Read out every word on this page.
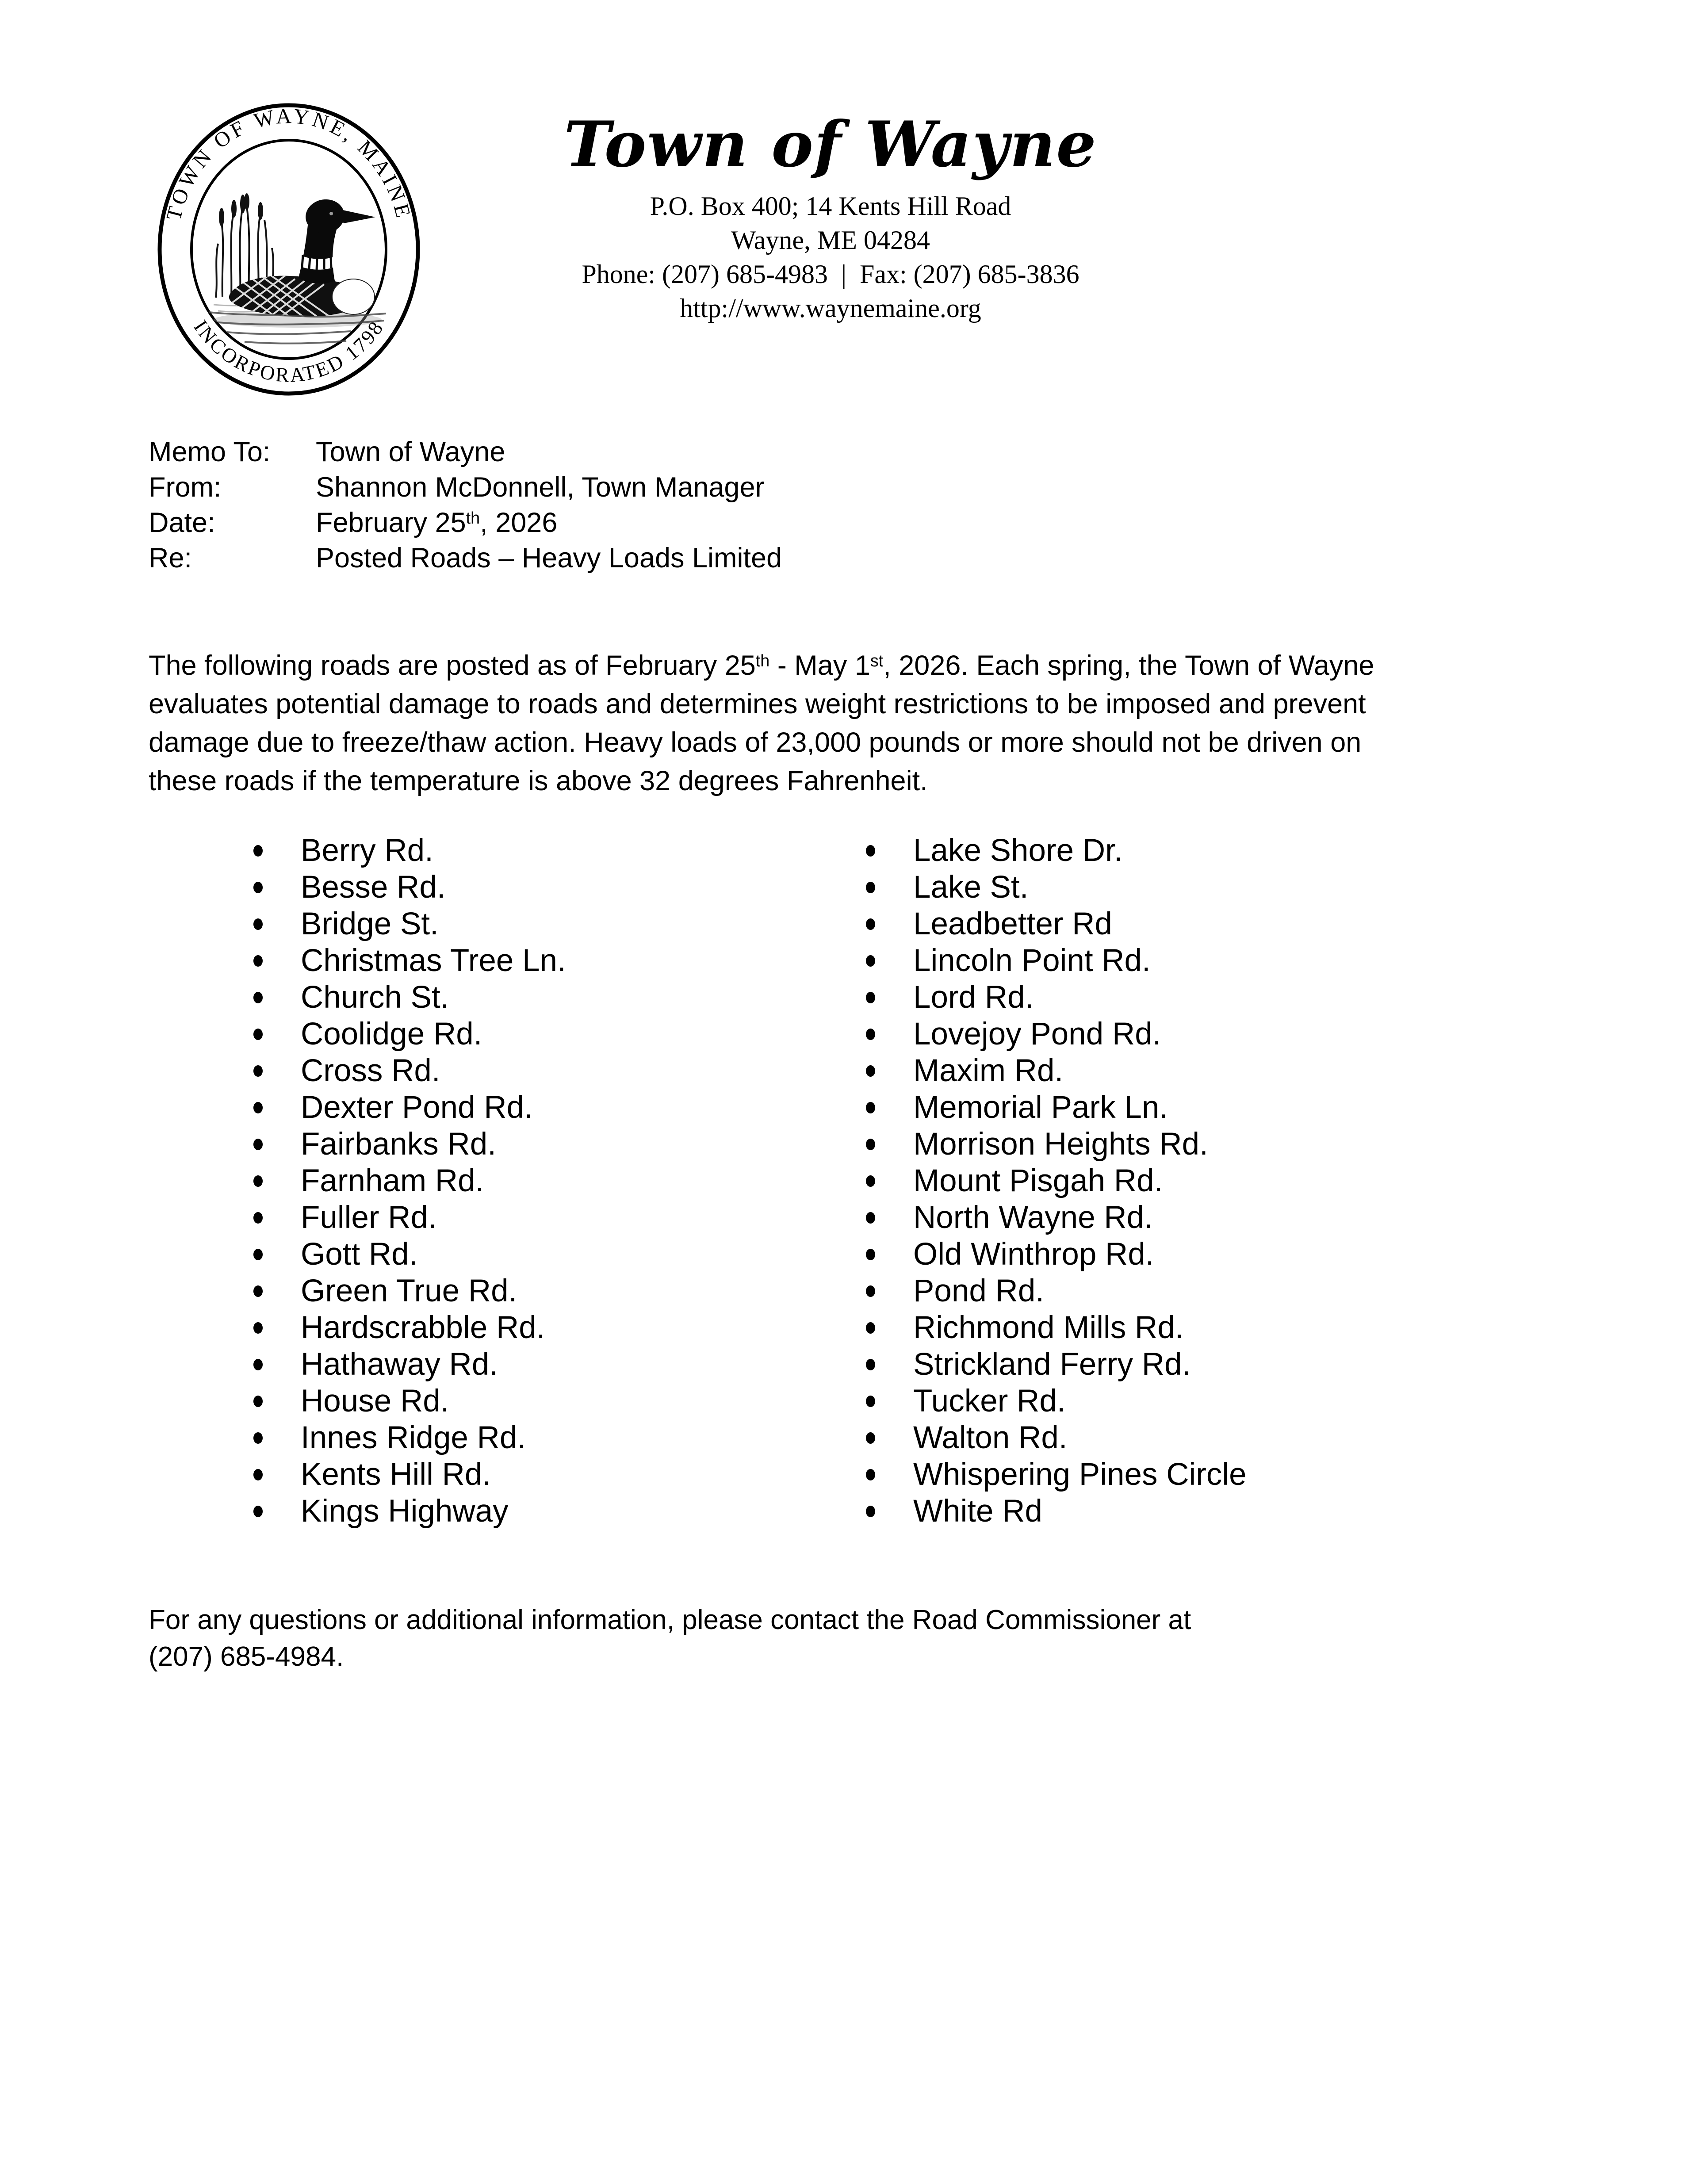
TOWN OF WAYNE, MAINE
INCORPORATED 1798
Town of Wayne
P.O. Box 400; 14 Kents Hill Road
Wayne, ME 04284
Phone: (207) 685-4983  |  Fax: (207) 685-3836
http://www.waynemaine.org
Memo To:	Town of Wayne
From:	Shannon McDonnell, Town Manager
Date:	February 25th, 2026
Re:	Posted Roads – Heavy Loads Limited
The following roads are posted as of February 25th - May 1st, 2026. Each spring, the Town of Wayne
evaluates potential damage to roads and determines weight restrictions to be imposed and prevent
damage due to freeze/thaw action. Heavy loads of 23,000 pounds or more should not be driven on
these roads if the temperature is above 32 degrees Fahrenheit.
Berry Rd.
Besse Rd.
Bridge St.
Christmas Tree Ln.
Church St.
Coolidge Rd.
Cross Rd.
Dexter Pond Rd.
Fairbanks Rd.
Farnham Rd.
Fuller Rd.
Gott Rd.
Green True Rd.
Hardscrabble Rd.
Hathaway Rd.
House Rd.
Innes Ridge Rd.
Kents Hill Rd.
Kings Highway
Lake Shore Dr.
Lake St.
Leadbetter Rd
Lincoln Point Rd.
Lord Rd.
Lovejoy Pond Rd.
Maxim Rd.
Memorial Park Ln.
Morrison Heights Rd.
Mount Pisgah Rd.
North Wayne Rd.
Old Winthrop Rd.
Pond Rd.
Richmond Mills Rd.
Strickland Ferry Rd.
Tucker Rd.
Walton Rd.
Whispering Pines Circle
White Rd
For any questions or additional information, please contact the Road Commissioner at
(207) 685-4984.
